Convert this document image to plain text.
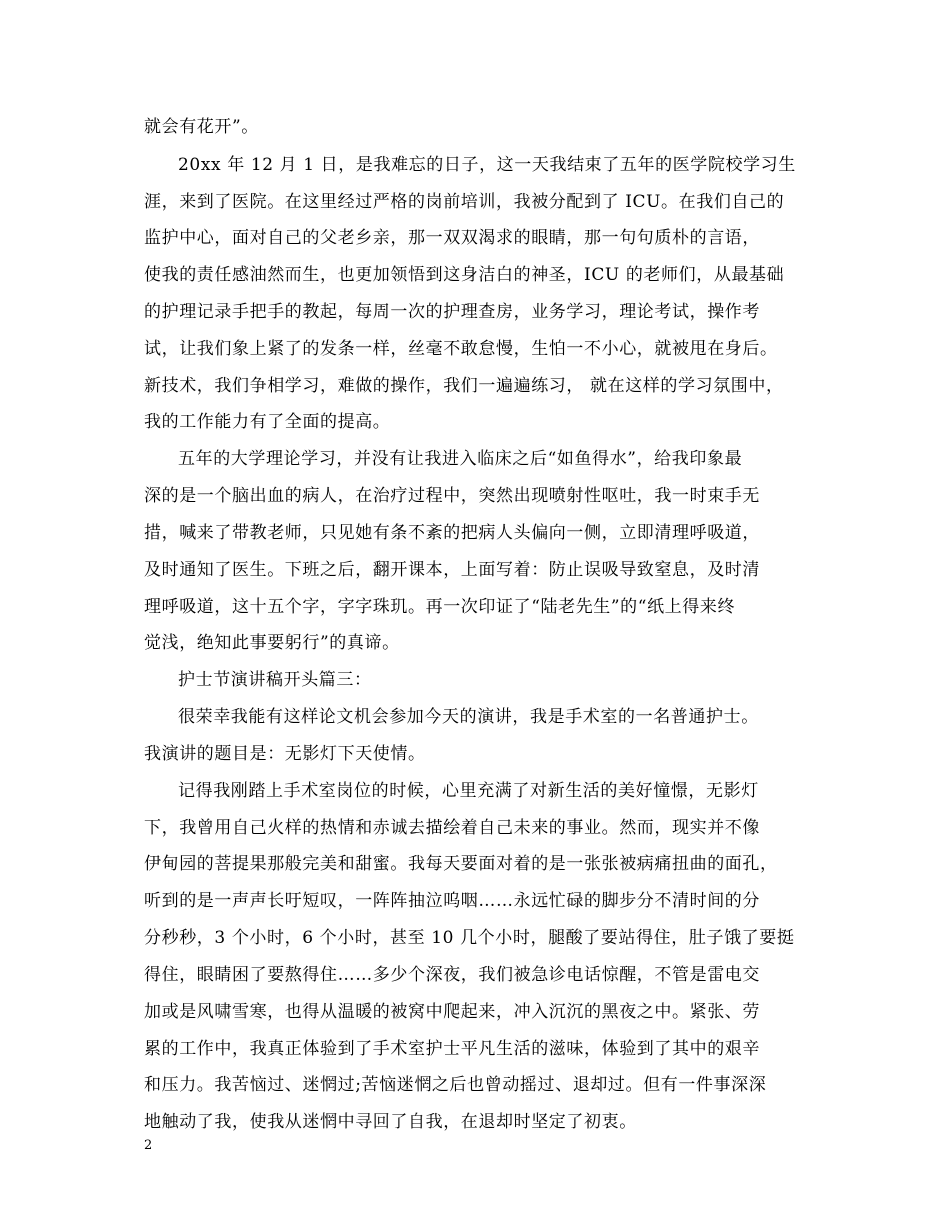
就会有花开”。
20xx 年 12 月 1 日，是我难忘的日子，这一天我结束了五年的医学院校学习生
涯，来到了医院。在这里经过严格的岗前培训，我被分配到了 ICU。在我们自己的
监护中心，面对自己的父老乡亲，那一双双渴求的眼睛，那一句句质朴的言语，
使我的责任感油然而生，也更加领悟到这身洁白的神圣，ICU 的老师们，从最基础
的护理记录手把手的教起，每周一次的护理查房，业务学习，理论考试，操作考
试，让我们象上紧了的发条一样，丝毫不敢怠慢，生怕一不小心，就被甩在身后。
新技术，我们争相学习，难做的操作，我们一遍遍练习， 就在这样的学习氛围中，
我的工作能力有了全面的提高。
五年的大学理论学习，并没有让我进入临床之后“如鱼得水”，给我印象最
深的是一个脑出血的病人，在治疗过程中，突然出现喷射性呕吐，我一时束手无
措，喊来了带教老师，只见她有条不紊的把病人头偏向一侧，立即清理呼吸道，
及时通知了医生。下班之后，翻开课本，上面写着：防止误吸导致窒息，及时清
理呼吸道，这十五个字，字字珠玑。再一次印证了“陆老先生”的“纸上得来终
觉浅，绝知此事要躬行”的真谛。
护士节演讲稿开头篇三：
很荣幸我能有这样论文机会参加今天的演讲，我是手术室的一名普通护士。
我演讲的题目是：无影灯下天使情。
记得我刚踏上手术室岗位的时候，心里充满了对新生活的美好憧憬，无影灯
下，我曾用自己火样的热情和赤诚去描绘着自己未来的事业。然而，现实并不像
伊甸园的菩提果那般完美和甜蜜。我每天要面对着的是一张张被病痛扭曲的面孔，
听到的是一声声长吁短叹，一阵阵抽泣呜咽……永远忙碌的脚步分不清时间的分
分秒秒，3 个小时，6 个小时，甚至 10 几个小时，腿酸了要站得住，肚子饿了要挺
得住，眼睛困了要熬得住……多少个深夜，我们被急诊电话惊醒，不管是雷电交
加或是风啸雪寒，也得从温暖的被窝中爬起来，冲入沉沉的黑夜之中。紧张、劳
累的工作中，我真正体验到了手术室护士平凡生活的滋味，体验到了其中的艰辛
和压力。我苦恼过、迷惘过;苦恼迷惘之后也曾动摇过、退却过。但有一件事深深
地触动了我，使我从迷惘中寻回了自我，在退却时坚定了初衷。
2
